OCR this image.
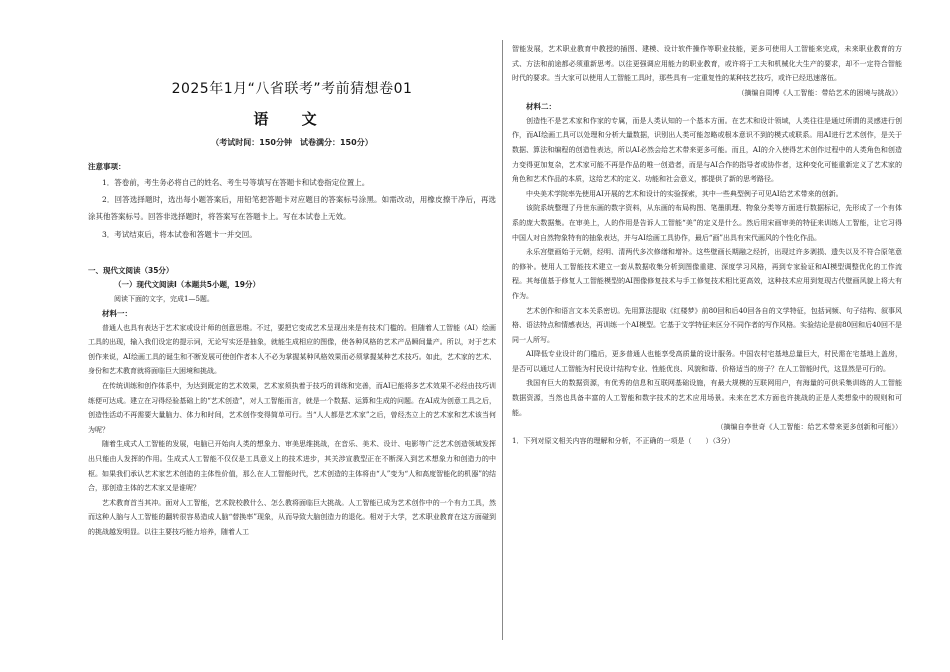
2025年1月“八省联考”考前猜想卷01
语 文
（考试时间：150分钟　试卷满分：150分）

注意事项：

1．答卷前，考生务必将自己的姓名、考生号等填写在答题卡和试卷指定位置上。

2．回答选择题时，选出每小题答案后，用铅笔把答题卡对应题目的答案标号涂黑。如需改动，用橡皮擦干净后，再选涂其他答案标号。回答非选择题时，将答案写在答题卡上。写在本试卷上无效。

3．考试结束后，将本试卷和答题卡一并交回。

一、现代文阅读（35分）

（一）现代文阅读Ⅰ（本题共5小题，19分）

阅读下面的文字，完成1—5题。

材料一：

普通人也具有表达于艺术家或设计师的创意思维。不过，要把它变成艺术呈现出来是有技术门槛的。但随着人工智能（AI）绘画工具的出现，输入我们设定的提示词，无论写实还是抽象，就能生成相应的图像，使各种风格的艺术产品瞬间量产。所以，对于艺术创作来说，AI绘画工具的诞生和不断发展可使创作者本人不必为掌握某种风格效果而必须掌握某种艺术技巧。如此，艺术家的艺术、身份和艺术教育就将面临巨大困境和挑战。

在传统训练和创作体系中，为达到既定的艺术效果，艺术家须执着于技巧的训练和完善，而AI已能将多艺术效果不必经由技巧训练便可达成。建立在习得经验基础上的“艺术创造”，对人工智能而言，就是一个数据、运算和生成的问题。在AI成为创意工具之后，创造性活动不再需要大量脑力、体力和时间，艺术创作变得简单可行。当“人人都是艺术家”之后，曾经杰立上的艺术家和艺术该当何为呢？

随着生成式人工智能的发展，电脑已开始向人类的想象力、审美思维挑战，在音乐、美术、设计、电影等广泛艺术创造领域发挥出只能由人发挥的作用。生成式人工智能不仅仅是工具意义上的技术进步，其关涉宣教型正在不断深入到艺术想象力和创造力的中枢。如果我们承认艺术家艺术创造的主体性价值，那么在人工智能时代，艺术创造的主体将由“人”变为“人和高度智能化的机器”的结合，那创造主体的艺术家又是谁呢？

艺术教育首当其冲。面对人工智能，艺术院校教什么、怎么教将面临巨大挑战。人工智能已成为艺术创作中的一个有力工具，然而这种人脑与人工智能的翻转很容易造成人脑“替换率”现象，从而导致大脑创造力的退化。相对于大学，艺术职业教育在这方面碰到的挑战越发明显。以往主要技巧能力培养，随着人工

智能发展，艺术职业教育中教授的插图、建模、设计软件操作等职业技能，更多可使用人工智能来完成，未来职业教育的方式、方法和前途都必须重新思考。以往更强调应用能力的职业教育，或许将于工夫和机械化大生产的要求，却不一定符合智能时代的要求。当大家可以使用人工智能工具时，那些具有一定重复性的某种技艺技巧，或许已经迅速落伍。

（摘编自周博《人工智能：带给艺术的困境与挑战》）

材料二：

创造性不是艺术家和作家的专属，而是人类认知的一个基本方面。在艺术和设计领域，人类往往是通过所谓的灵感进行创作，而AI绘画工具可以处理和分析大量数据，识别出人类可能忽略或根本意识不到的模式或联系。用AI进行艺术创作，是关于数据、算法和编程的创造性表达，所以AI必然会给艺术带来更多可能。而且，AI的介入使得艺术创作过程中的人类角色和创造力变得更加复杂，艺术家可能不再是作品的唯一创造者，而是与AI合作的指导者或协作者，这种变化可能重新定义了艺术家的角色和艺术作品的本质，这给艺术的定义、功能和社会意义，都提供了新的思考路径。

中央美术学院率先使用AI开展的艺术和设计的实验探索，其中一些典型例子可见AI给艺术带来的创新。

该院系统整理了丹世东画的数字资料，从东画的布局构图、笔墨肌理、物象分类等方面进行数据标记，先形成了一个有体系的庞大数据集。在审美上，人的作用是告诉人工智能“美”的定义是什么。然后用宋画审美的特征来训练人工智能，让它习得中国人对自然物象特有的抽象表达，并与AI绘画工具协作，最后“画”出具有宋代画风的个性化作品。

永乐宫壁画始于元朝，经明、清两代多次修缮和增补。这些壁画长期融之经折，出现过许多剥损、遗失以及不符合原笔意的修补。使用人工智能技术建立一套从数据收集分析到图像重建、深度学习风格，再到专家验证和AI模型调整优化的工作流程。其每值基于修复人工智能模型的AI图像修复技术与手工修复技术相比更高效，这种技术应用到复现古代壁画风貌上将大有作为。

艺术创作和语言文本关系密切。先用算法提取《红楼梦》前80回和后40回各自的文学特征，包括词频、句子结构、叙事风格、语法特点和情感表达，再训练一个AI模型。它基于文学特征来区分不同作者的写作风格。实验结论是前80回和后40回不是同一人所写。

AI降低专业设计的门槛后，更多普通人也能享受高质量的设计服务。中国农村宅基地总量巨大，村民需在宅基地上盖房，是否可以通过人工智能为村民设计结构专业、性能优良、风貌和谐、价格适当的房子？在人工智能时代，这显然是可行的。

我国有巨大的数据资源，有优秀的信息和互联网基础设施，有最大规模的互联网用户，有海量的可供采集训练的人工智能数据资源，当然也具备丰富的人工智能和数字技术的艺术应用场景。未来在艺术方面也许挑战的正是人类想象中的规则和可能。

（摘编自李世奇《人工智能：给艺术带来更多创新和可能》）

1．下列对原文相关内容的理解和分析，不正确的一项是（　　）（3分）
